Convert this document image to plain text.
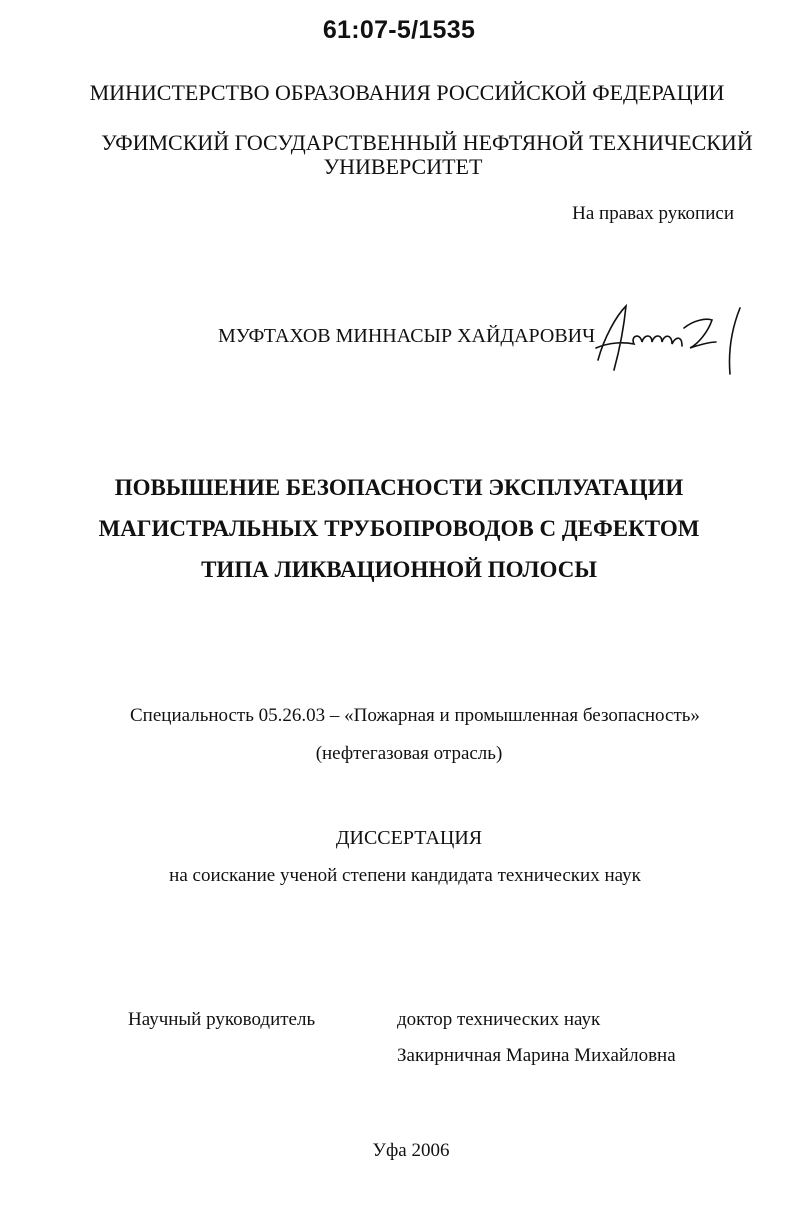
61:07-5/1535
МИНИСТЕРСТВО ОБРАЗОВАНИЯ РОССИЙСКОЙ ФЕДЕРАЦИИ
УФИМСКИЙ ГОСУДАРСТВЕННЫЙ НЕФТЯНОЙ ТЕХНИЧЕСКИЙ
УНИВЕРСИТЕТ
На правах рукописи
МУФТАХОВ МИННАСЫР ХАЙДАРОВИЧ
ПОВЫШЕНИЕ БЕЗОПАСНОСТИ ЭКСПЛУАТАЦИИ
МАГИСТРАЛЬНЫХ ТРУБОПРОВОДОВ С ДЕФЕКТОМ
ТИПА ЛИКВАЦИОННОЙ ПОЛОСЫ
Специальность 05.26.03 – «Пожарная и промышленная безопасность»
(нефтегазовая отрасль)
ДИССЕРТАЦИЯ
на соискание ученой степени кандидата технических наук
Научный руководитель	доктор технических наук
Закирничная Марина Михайловна
Уфа 2006
